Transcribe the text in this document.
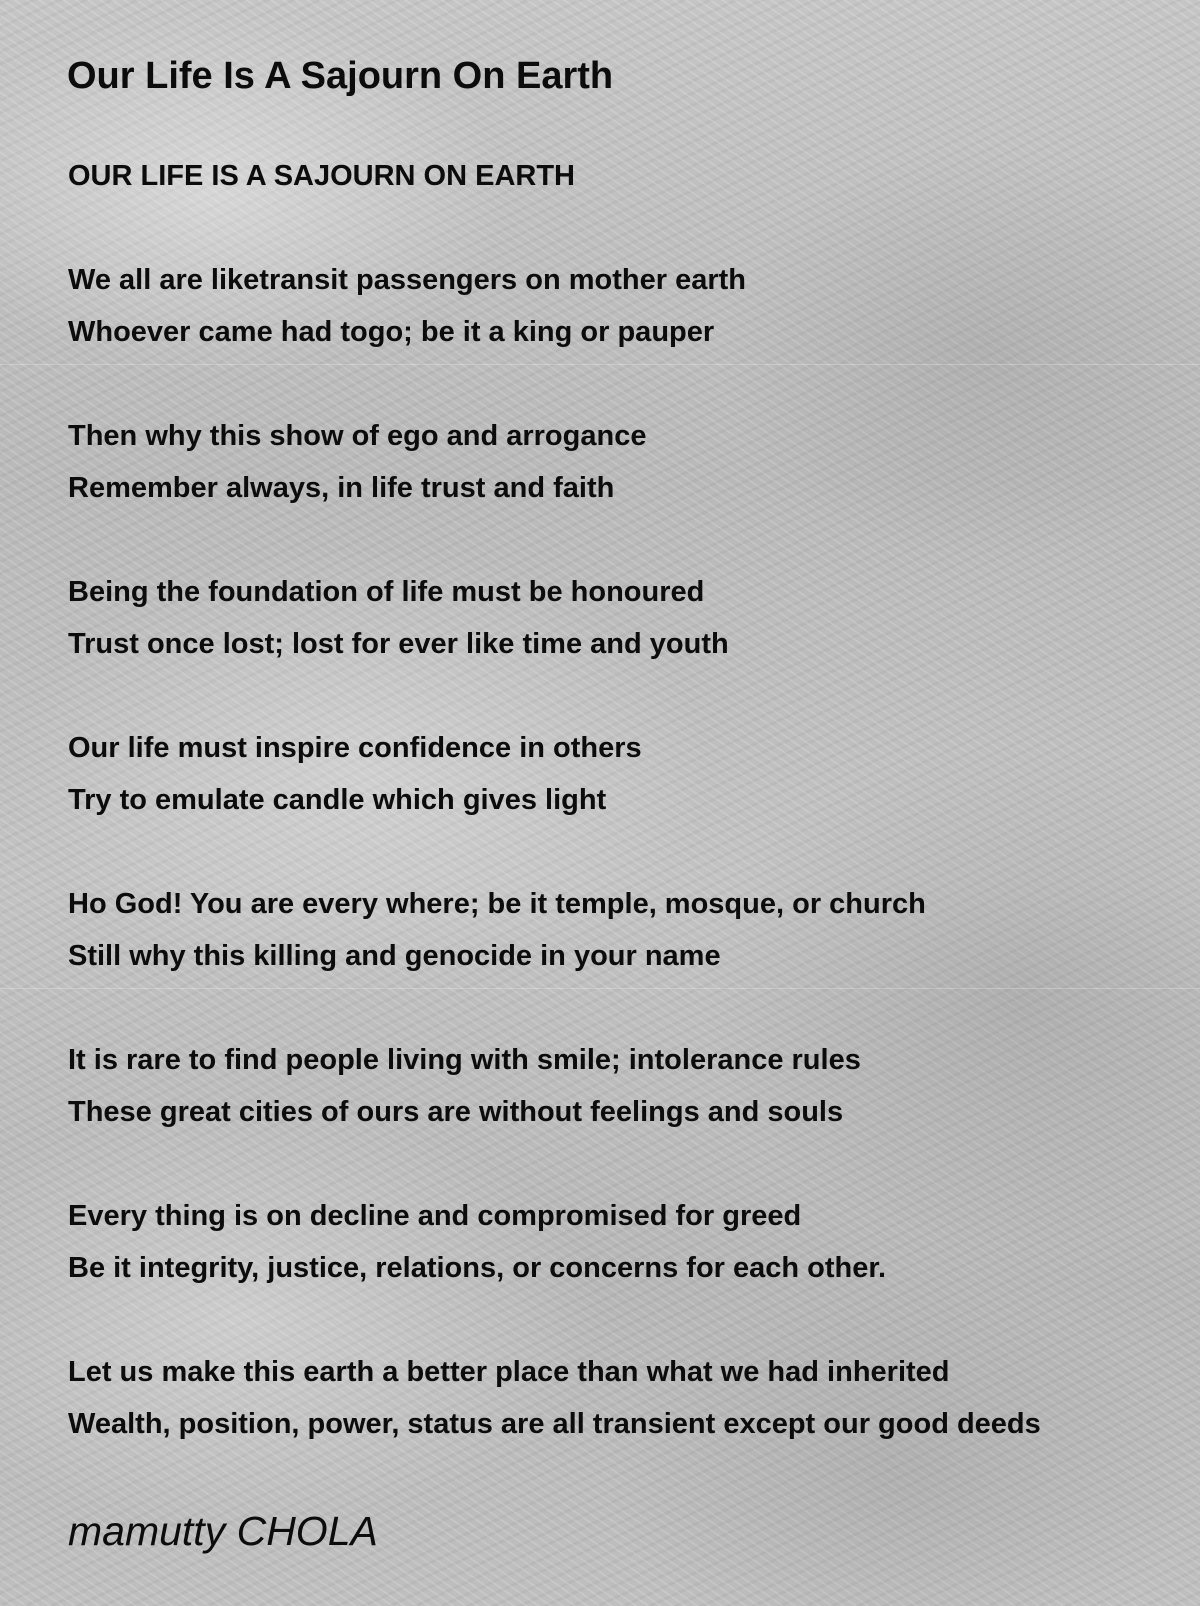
Our Life Is A Sajourn On Earth
OUR LIFE IS A SAJOURN ON EARTH
We all are liketransit passengers on mother earth
Whoever came had togo; be it a king or pauper
Then why this show of ego and arrogance
Remember always, in life trust and faith
Being the foundation of life must be honoured
Trust once lost; lost for ever like time and youth
Our life must inspire confidence in others
Try to emulate candle which gives light
Ho God! You are every where; be it temple, mosque, or church
Still why this killing and genocide in your name
It is rare to find people living with smile; intolerance rules
These great cities of ours are without feelings and souls
Every thing is on decline and compromised for greed
Be it integrity, justice, relations, or concerns for each other.
Let us make this earth a better place than what we had inherited
Wealth, position, power, status are all transient except our good deeds
mamutty CHOLA
